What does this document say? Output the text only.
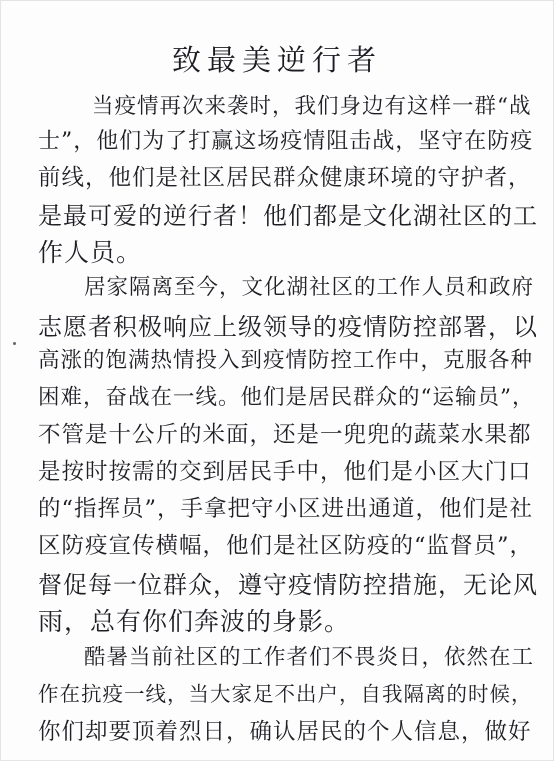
致最美逆行者
当疫情再次来袭时，我们身边有这样一群“战
士”，他们为了打赢这场疫情阻击战，坚守在防疫
前线，他们是社区居民群众健康环境的守护者，
是最可爱的逆行者！他们都是文化湖社区的工
作人员。
居家隔离至今，文化湖社区的工作人员和政府
志愿者积极响应上级领导的疫情防控部署，以
高涨的饱满热情投入到疫情防控工作中，克服各种
困难，奋战在一线。他们是居民群众的“运输员”，
不管是十公斤的米面，还是一兜兜的蔬菜水果都
是按时按需的交到居民手中，他们是小区大门口
的“指挥员”，手拿把守小区进出通道，他们是社
区防疫宣传横幅，他们是社区防疫的“监督员”，
督促每一位群众，遵守疫情防控措施，无论风
雨，总有你们奔波的身影。
酷暑当前社区的工作者们不畏炎日，依然在工
作在抗疫一线，当大家足不出户，自我隔离的时候，
你们却要顶着烈日，确认居民的个人信息，做好
